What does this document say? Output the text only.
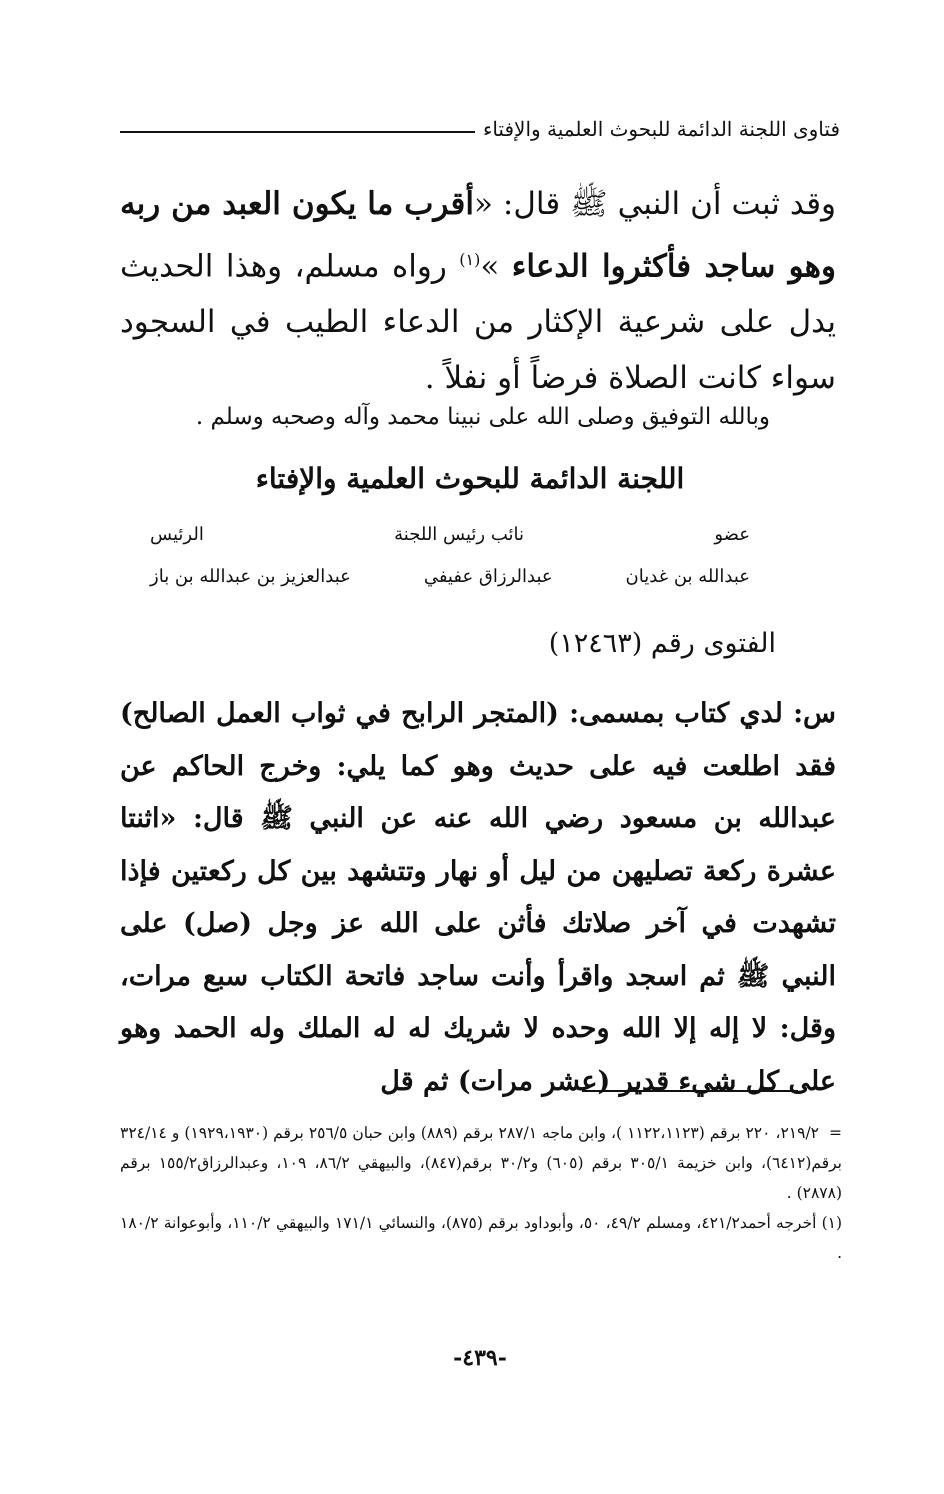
فتاوى اللجنة الدائمة للبحوث العلمية والإفتاء
وقد ثبت أن النبي ﷺ قال: «أقرب ما يكون العبد من ربه وهو ساجد فأكثروا الدعاء »$^{(١)}$ رواه مسلم، وهذا الحديث يدل على شرعية الإكثار من الدعاء الطيب في السجود سواء كانت الصلاة فرضاً أو نفلاً .
وبالله التوفيق وصلى الله على نبينا محمد وآله وصحبه وسلم .
اللجنة الدائمة للبحوث العلمية والإفتاء
عضو
نائب رئيس اللجنة
الرئيس
عبدالله بن غديان
عبدالرزاق عفيفي
عبدالعزيز بن عبدالله بن باز
الفتوى رقم (١٢٤٦٣)
س: لدي كتاب بمسمى: (المتجر الرابح في ثواب العمل الصالح) فقد اطلعت فيه على حديث وهو كما يلي: وخرج الحاكم عن عبدالله بن مسعود رضي الله عنه عن النبي ﷺ قال: «اثنتا عشرة ركعة تصليهن من ليل أو نهار وتتشهد بين كل ركعتين فإذا تشهدت في آخر صلاتك فأثن على الله عز وجل (صل) على النبي ﷺ ثم اسجد واقرأ وأنت ساجد فاتحة الكتاب سبع مرات، وقل: لا إله إلا الله وحده لا شريك له له الملك وله الحمد وهو على كل شيء قدير (عشر مرات) ثم قل
=٢١٩/٢، ٢٢٠ برقم (١١٢٢،١١٢٣ )، وابن ماجه ٢٨٧/١ برقم (٨٨٩) وابن حبان ٢٥٦/٥ برقم (١٩٢٩،١٩٣٠) و ٣٢٤/١٤ برقم(٦٤١٢)، وابن خزيمة ٣٠٥/١ برقم (٦٠٥) و٣٠/٢ برقم(٨٤٧)، والبيهقي ٨٦/٢، ١٠٩، وعبدالرزاق١٥٥/٢ برقم (٢٨٧٨) .
(١) أخرجه أحمد٤٢١/٢، ومسلم ٤٩/٢، ٥٠، وأبوداود برقم (٨٧٥)، والنسائي ١٧١/١ والبيهقي ١١٠/٢، وأبوعوانة ١٨٠/٢ .
-٤٣٩-
